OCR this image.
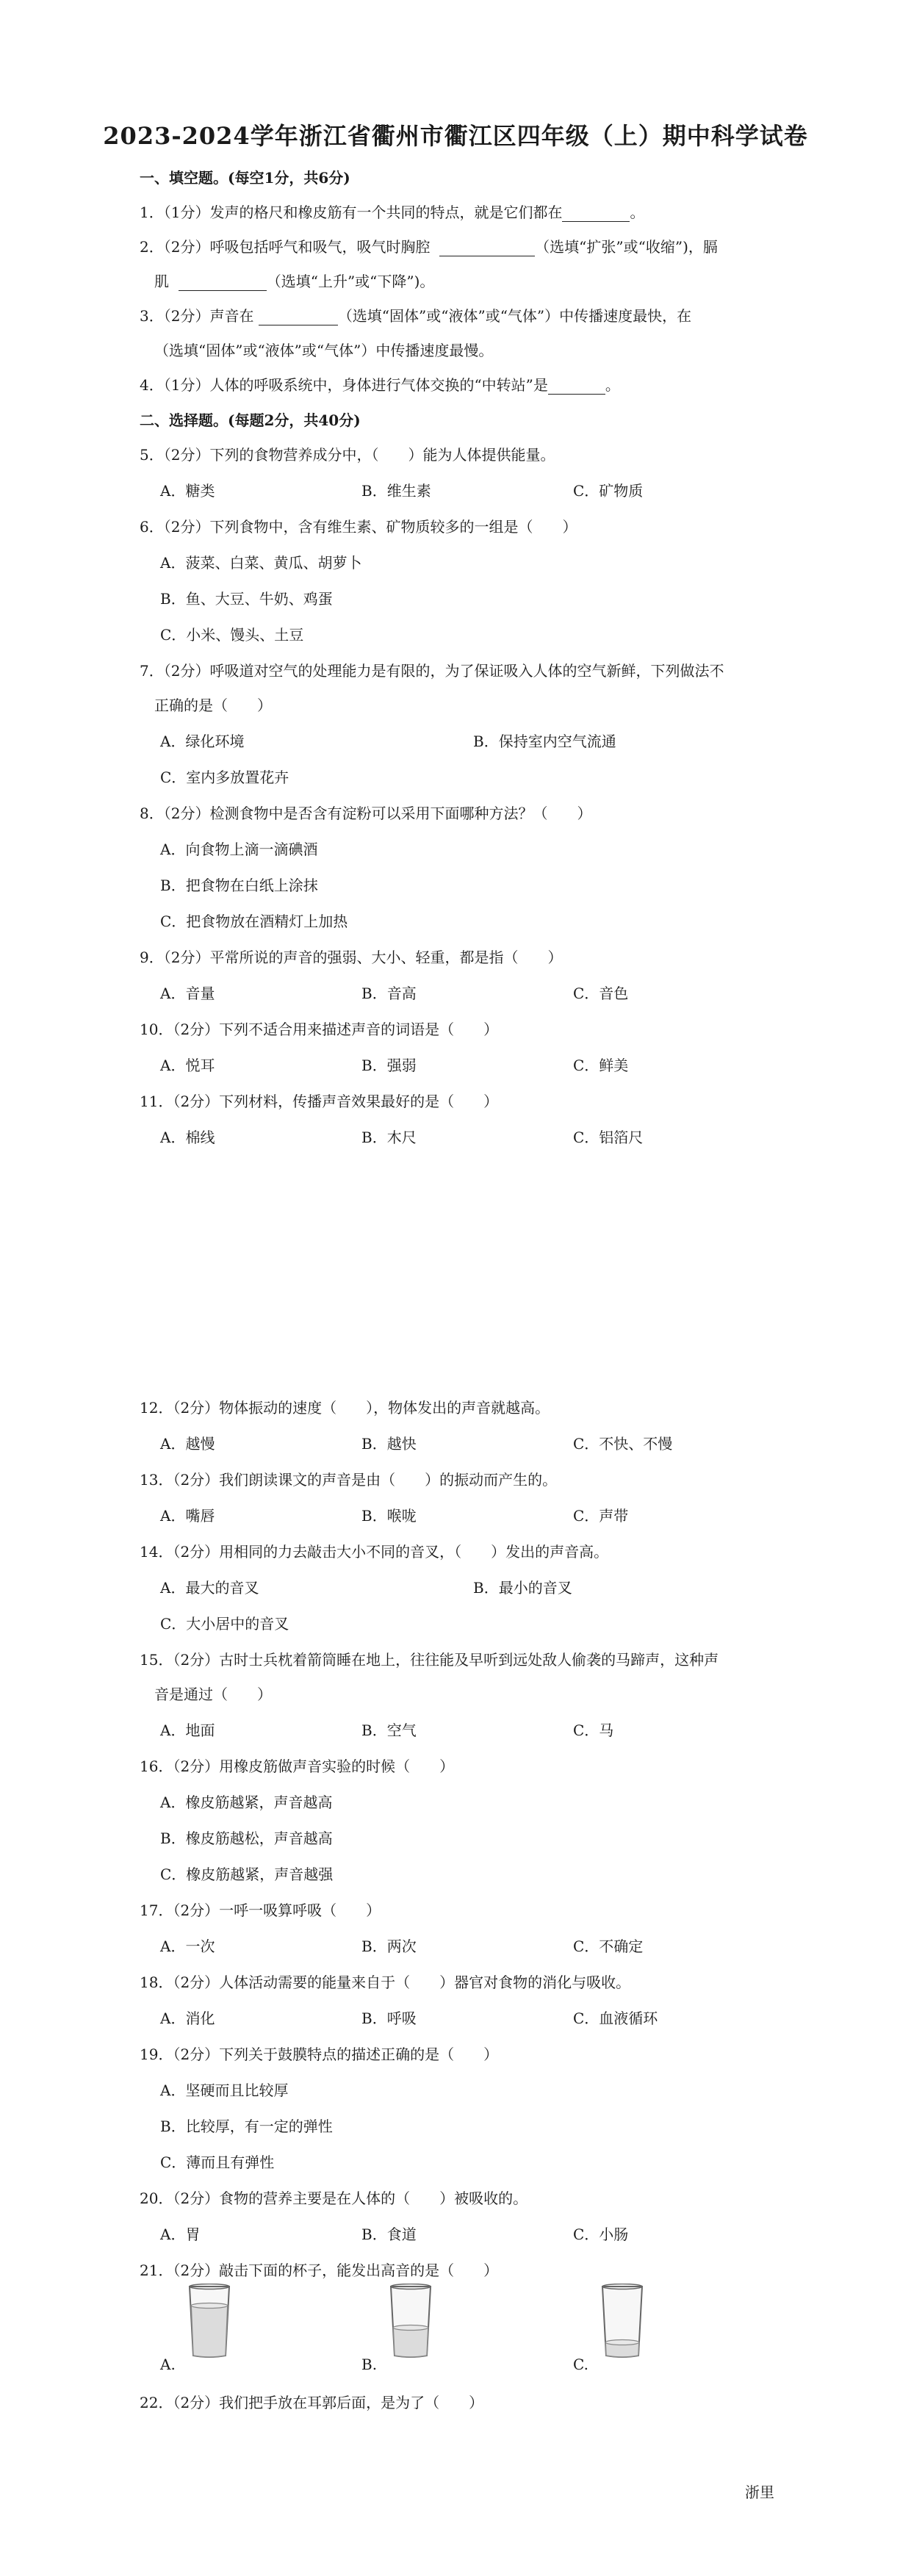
2023-2024学年浙江省衢州市衢江区四年级（上）期中科学试卷
一、填空题。(每空1分，共6分)
1．（1分）发声的格尺和橡皮筋有一个共同的特点，就是它们都在	。
2．（2分）呼吸包括呼气和吸气，吸气时胸腔	（选填“扩张”或“收缩”)，膈
肌	（选填“上升”或“下降”)。
3．（2分）声音在	（选填“固体”或“液体”或“气体”）中传播速度最快，在
（选填“固体”或“液体”或“气体”）中传播速度最慢。
4．（1分）人体的呼吸系统中，身体进行气体交换的“中转站”是	。
二、选择题。(每题2分，共40分)
5．（2分）下列的食物营养成分中，（　　）能为人体提供能量。
A．糖类	B．维生素	C．矿物质
6．（2分）下列食物中，含有维生素、矿物质较多的一组是（　　）
A．菠菜、白菜、黄瓜、胡萝卜
B．鱼、大豆、牛奶、鸡蛋
C．小米、馒头、土豆
7．（2分）呼吸道对空气的处理能力是有限的，为了保证吸入人体的空气新鲜，下列做法不
正确的是（　　）
A．绿化环境	B．保持室内空气流通
C．室内多放置花卉
8．（2分）检测食物中是否含有淀粉可以采用下面哪种方法？（　　）
A．向食物上滴一滴碘酒
B．把食物在白纸上涂抹
C．把食物放在酒精灯上加热
9．（2分）平常所说的声音的强弱、大小、轻重，都是指（　　）
A．音量	B．音高	C．音色
10．（2分）下列不适合用来描述声音的词语是（　　）
A．悦耳	B．强弱	C．鲜美
11．（2分）下列材料，传播声音效果最好的是（　　）
A．棉线	B．木尺	C．铝箔尺
12．（2分）物体振动的速度（　　），物体发出的声音就越高。
A．越慢	B．越快	C．不快、不慢
13．（2分）我们朗读课文的声音是由（　　）的振动而产生的。
A．嘴唇	B．喉咙	C．声带
14．（2分）用相同的力去敲击大小不同的音叉，（　　）发出的声音高。
A．最大的音叉	B．最小的音叉
C．大小居中的音叉
15．（2分）古时士兵枕着箭筒睡在地上，往往能及早听到远处敌人偷袭的马蹄声，这种声
音是通过（　　）
A．地面	B．空气	C．马
16．（2分）用橡皮筋做声音实验的时候（　　）
A．橡皮筋越紧，声音越高
B．橡皮筋越松，声音越高
C．橡皮筋越紧，声音越强
17．（2分）一呼一吸算呼吸（　　）
A．一次	B．两次	C．不确定
18．（2分）人体活动需要的能量来自于（　　）器官对食物的消化与吸收。
A．消化	B．呼吸	C．血液循环
19．（2分）下列关于鼓膜特点的描述正确的是（　　）
A．坚硬而且比较厚
B．比较厚，有一定的弹性
C．薄而且有弹性
20．（2分）食物的营养主要是在人体的（　　）被吸收的。
A．胃	B．食道	C．小肠
21．（2分）敲击下面的杯子，能发出高音的是（　　）
A.	B.	C.
22．（2分）我们把手放在耳郭后面，是为了（　　）
浙里
